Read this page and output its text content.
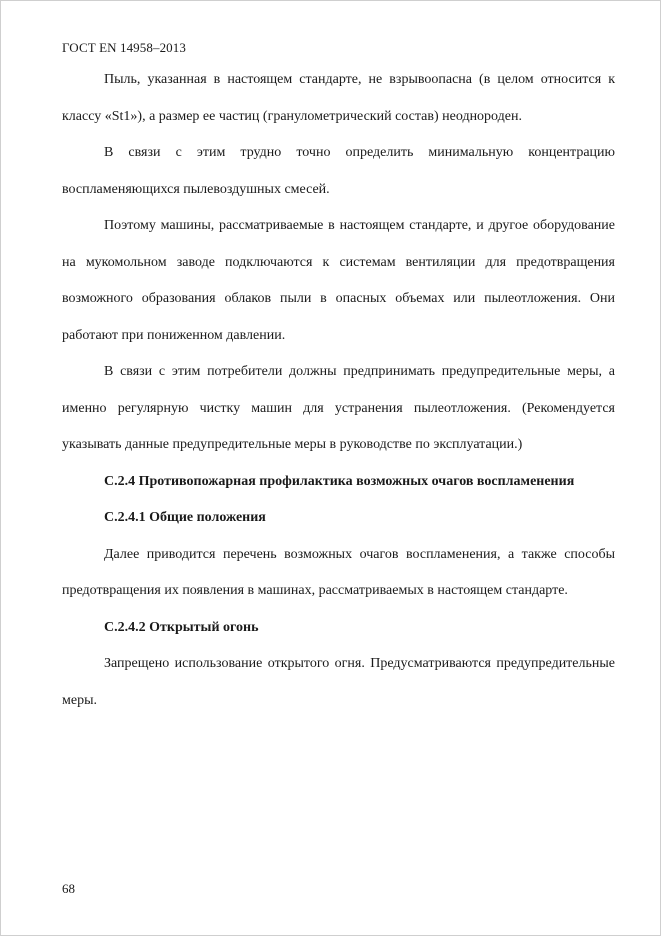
ГОСТ EN 14958–2013

Пыль, указанная в настоящем стандарте, не взрывоопасна (в целом относится к классу «St1»), а размер ее частиц (гранулометрический состав) неоднороден.

В связи с этим трудно точно определить минимальную концентрацию воспламеняющихся пылевоздушных смесей.

Поэтому машины, рассматриваемые в настоящем стандарте, и другое оборудование на мукомольном заводе подключаются к системам вентиляции для предотвращения возможного образования облаков пыли в опасных объемах или пылеотложения. Они работают при пониженном давлении.

В связи с этим потребители должны предпринимать предупредительные меры, а именно регулярную чистку машин для устранения пылеотложения. (Рекомендуется указывать данные предупредительные меры в руководстве по эксплуатации.)

С.2.4 Противопожарная профилактика возможных очагов воспламенения

С.2.4.1 Общие положения

Далее приводится перечень возможных очагов воспламенения, а также способы предотвращения их появления в машинах, рассматриваемых в настоящем стандарте.

С.2.4.2 Открытый огонь

Запрещено использование открытого огня. Предусматриваются предупредительные меры.

68
